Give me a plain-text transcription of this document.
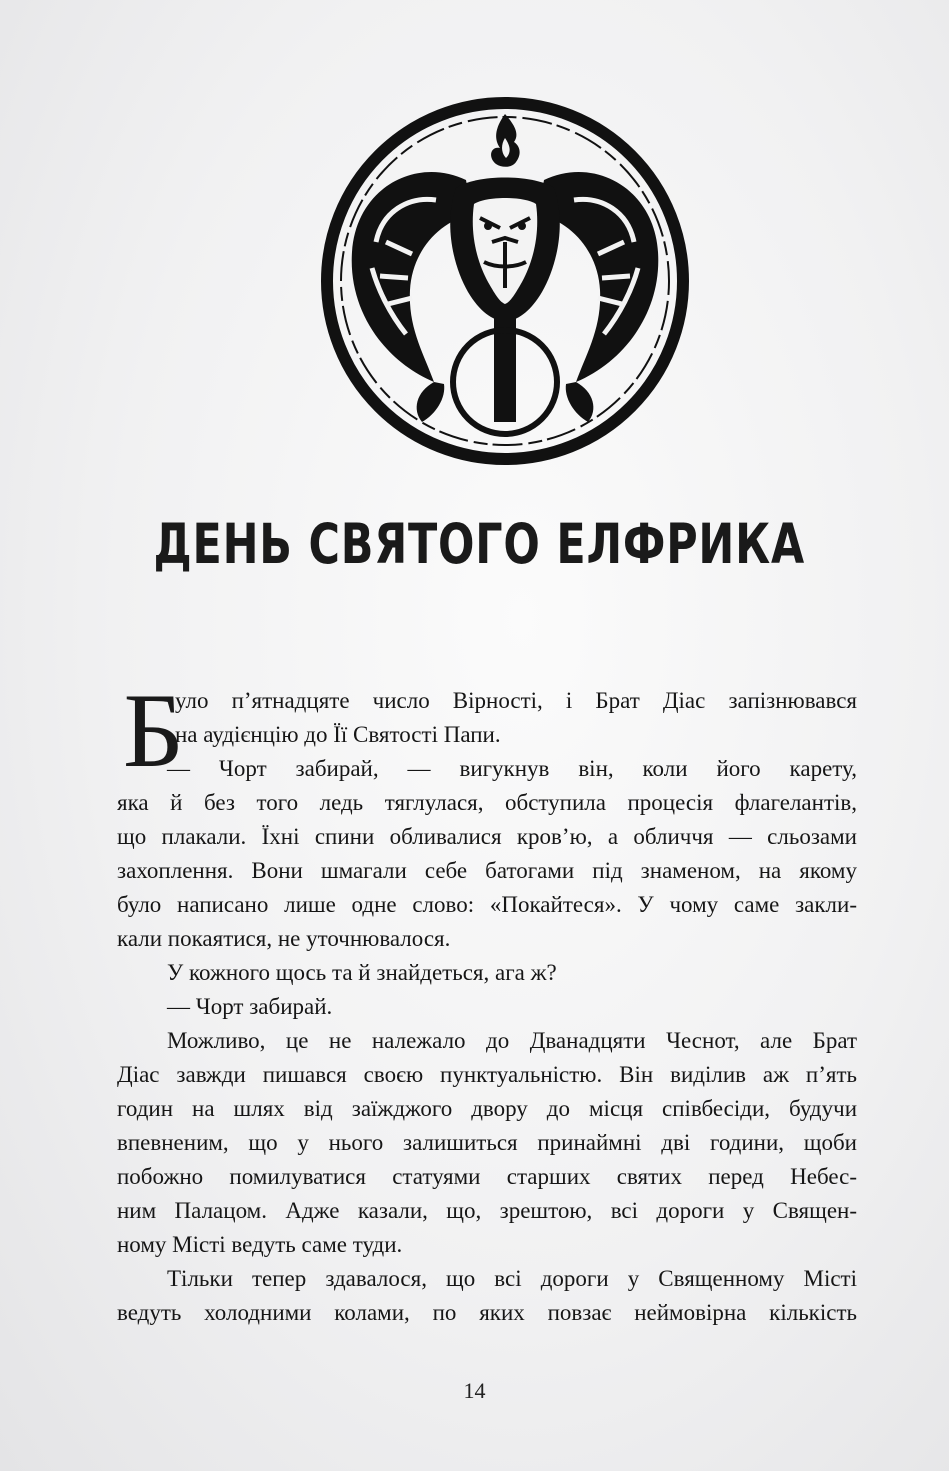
ДЕНЬ СВЯТОГО ЕЛФРИКА
Б
уло п’ятнадцяте число Вірності, і Брат Діас запізнювався
на аудієнцію до Її Святості Папи.
— Чорт забирай, — вигукнув він, коли його карету,
яка й без того ледь тяглулася, обступила процесія флагелантів,
що плакали. Їхні спини обливалися кров’ю, а обличчя — сльозами
захоплення. Вони шмагали себе батогами під знаменом, на якому
було написано лише одне слово: «Покайтеся». У чому саме закли-
кали покаятися, не уточнювалося.
У кожного щось та й знайдеться, ага ж?
— Чорт забирай.
Можливо, це не належало до Дванадцяти Чеснот, але Брат
Діас завжди пишався своєю пунктуальністю. Він виділив аж п’ять
годин на шлях від заїжджого двору до місця співбесіди, будучи
впевненим, що у нього залишиться принаймні дві години, щоби
побожно помилуватися статуями старших святих перед Небес-
ним Палацом. Адже казали, що, зрештою, всі дороги у Священ-
ному Місті ведуть саме туди.
Тільки тепер здавалося, що всі дороги у Священному Місті
ведуть холодними колами, по яких повзає неймовірна кількість
14
